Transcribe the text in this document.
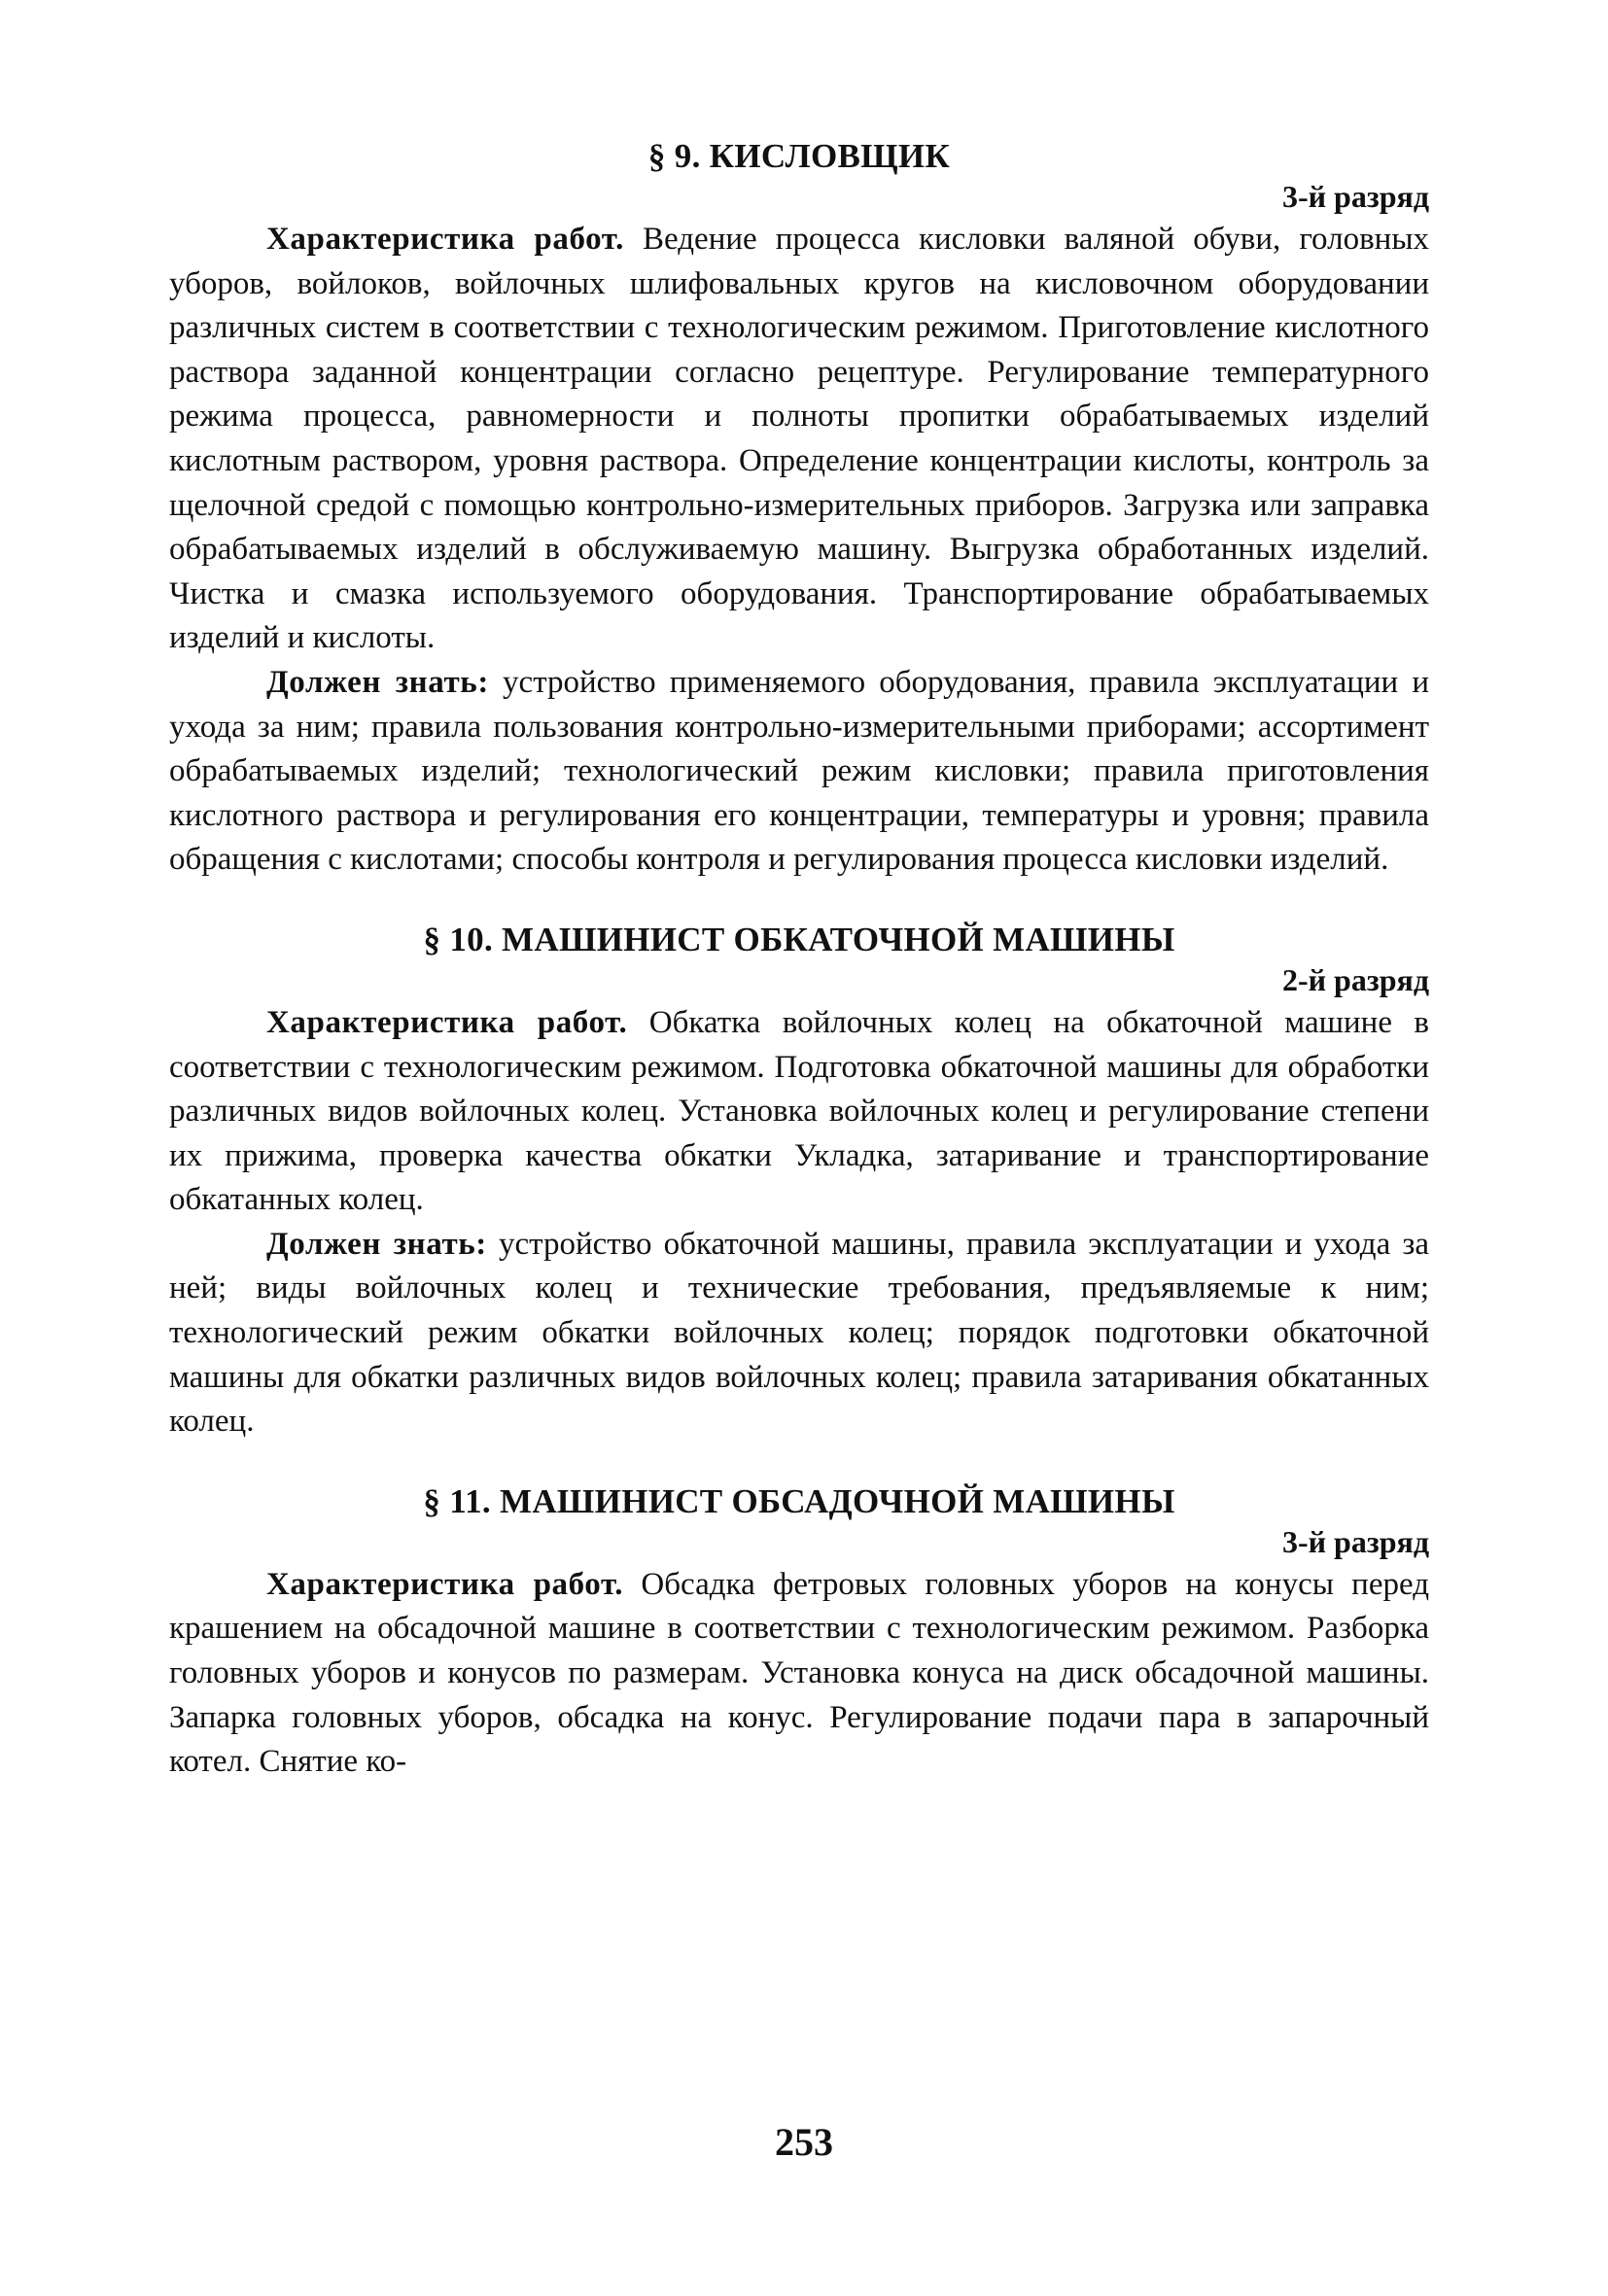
§ 9. КИСЛОВЩИК
3-й разряд

Характеристика работ. Ведение процесса кисловки валяной обуви, головных уборов, войлоков, войлочных шлифовальных кругов на кисловочном оборудовании различных систем в соответствии с технологическим режимом. Приготовление кислотного раствора заданной концентрации согласно рецептуре. Регулирование температурного режима процесса, равномерности и полноты пропитки обрабатываемых изделий кислотным раствором, уровня раствора. Определение концентрации кислоты, контроль за щелочной средой с помощью контрольно-измерительных приборов. Загрузка или заправка обрабатываемых изделий в обслуживаемую машину. Выгрузка обработанных изделий. Чистка и смазка используемого оборудования. Транспортирование обрабатываемых изделий и кислоты.

Должен знать: устройство применяемого оборудования, правила эксплуатации и ухода за ним; правила пользования контрольно-измерительными приборами; ассортимент обрабатываемых изделий; технологический режим кисловки; правила приготовления кислотного раствора и регулирования его концентрации, температуры и уровня; правила обращения с кислотами; способы контроля и регулирования процесса кисловки изделий.

§ 10. МАШИНИСТ ОБКАТОЧНОЙ МАШИНЫ
2-й разряд

Характеристика работ. Обкатка войлочных колец на обкаточной машине в соответствии с технологическим режимом. Подготовка обкаточной машины для обработки различных видов войлочных колец. Установка войлочных колец и регулирование степени их прижима, проверка качества обкатки Укладка, затаривание и транспортирование обкатанных колец.

Должен знать: устройство обкаточной машины, правила эксплуатации и ухода за ней; виды войлочных колец и технические требования, предъявляемые к ним; технологический режим обкатки войлочных колец; порядок подготовки обкаточной машины для обкатки различных видов войлочных колец; правила затаривания обкатанных колец.

§ 11. МАШИНИСТ ОБСАДОЧНОЙ МАШИНЫ
3-й разряд

Характеристика работ. Обсадка фетровых головных уборов на конусы перед крашением на обсадочной машине в соответствии с технологическим режимом. Разборка головных уборов и конусов по размерам. Установка конуса на диск обсадочной машины. Запарка головных уборов, обсадка на конус. Регулирование подачи пара в запарочный котел. Снятие ко-

253
